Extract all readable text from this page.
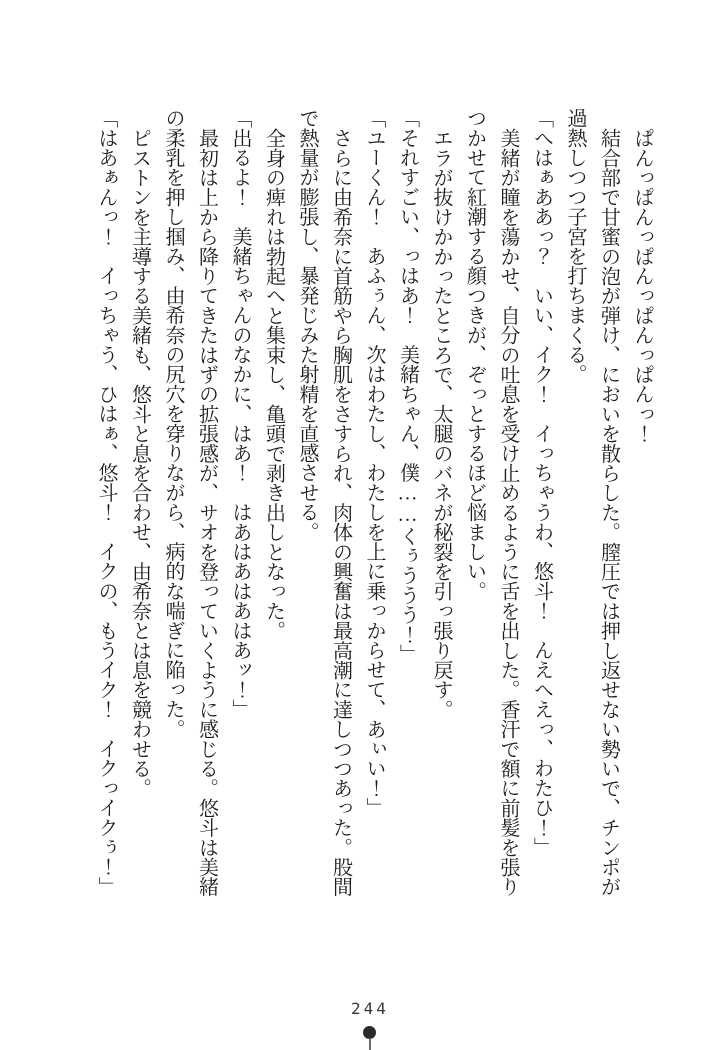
ぱんっぱんっぱんっぱんっぱんっ！
結合部で甘蜜の泡が弾け、においを散らした。膣圧では押し返せない勢いで、チンポが
過熱しつつ子宮を打ちまくる。
「へはぁああっ？　いい、イク！　イっちゃうわ、悠斗！　んえへえっ、わたひ！」
美緒が瞳を蕩かせ、自分の吐息を受け止めるように舌を出した。香汗で額に前髪を張り
つかせて紅潮する顔つきが、ぞっとするほど悩ましい。
エラが抜けかかったところで、太腿のバネが秘裂を引っ張り戻す。
「それすごい、っはあ！　美緒ちゃん、僕……くぅううう！」
「ユーくん！　あふぅん、次はわたし、わたしを上に乗っからせて、あぃい！」
さらに由希奈に首筋やら胸肌をさすられ、肉体の興奮は最高潮に達しつつあった。股間
で熱量が膨張し、暴発じみた射精を直感させる。
全身の痺れは勃起へと集束し、亀頭で剥き出しとなった。
「出るよ！　美緒ちゃんのなかに、はあ！　はあはあはあはあッ！」
最初は上から降りてきたはずの拡張感が、サオを登っていくように感じる。悠斗は美緒
の柔乳を押し掴み、由希奈の尻穴を穿りながら、病的な喘ぎに陥った。
ピストンを主導する美緒も、悠斗と息を合わせ、由希奈とは息を競わせる。
「はあぁんっ！　イっちゃう、ひはぁ、悠斗！　イクの、もうイク！　イクっイクぅ！」
244
